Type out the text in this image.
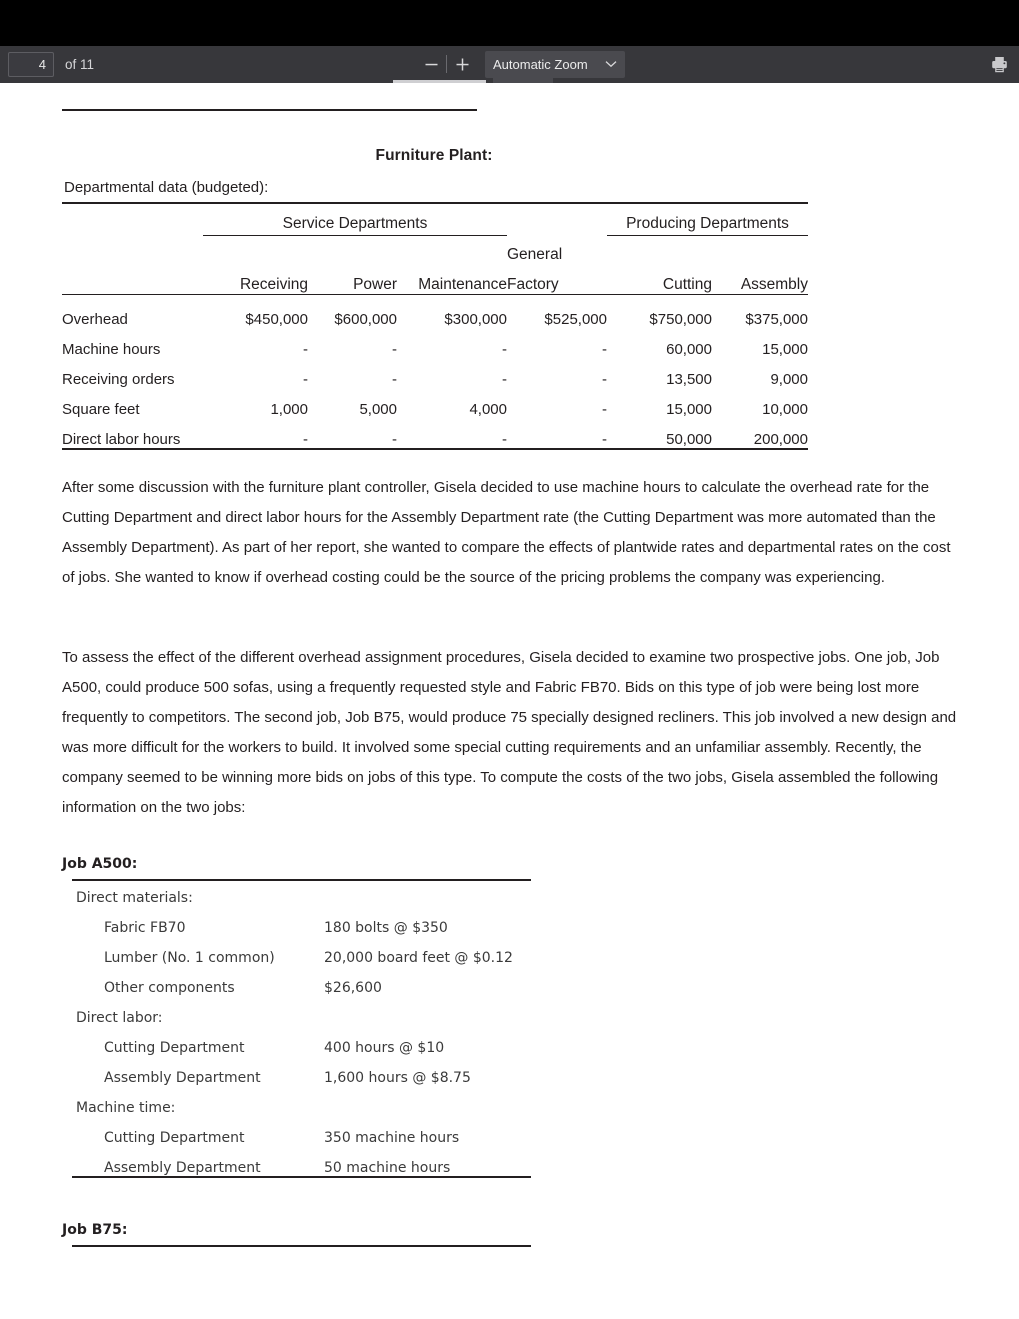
4
of 11	Automatic Zoom
Furniture Plant:
Departmental data (budgeted):

	Service Departments				Producing Departments	

				General		
	Receiving	Power	Maintenance	Factory	Cutting	Assembly

Overhead	$450,000	$600,000	$300,000	$525,000	$750,000	$375,000
Machine hours	-	-	-	-	60,000	15,000
Receiving orders	-	-	-	-	13,500	9,000
Square feet	1,000	5,000	4,000	-	15,000	10,000
Direct labor hours	-	-	-	-	50,000	200,000

After some discussion with the furniture plant controller, Gisela decided to use machine hours to calculate the overhead rate for the Cutting Department and direct labor hours for the Assembly Department rate (the Cutting Department was more automated than the Assembly Department). As part of her report, she wanted to compare the effects of plantwide rates and departmental rates on the cost of jobs. She wanted to know if overhead costing could be the source of the pricing problems the company was experiencing.
To assess the effect of the different overhead assignment procedures, Gisela decided to examine two prospective jobs. One job, Job A500, could produce 500 sofas, using a frequently requested style and Fabric FB70. Bids on this type of job were being lost more frequently to competitors. The second job, Job B75, would produce 75 specially designed recliners. This job involved a new design and was more difficult for the workers to build. It involved some special cutting requirements and an unfamiliar assembly. Recently, the company seemed to be winning more bids on jobs of this type. To compute the costs of the two jobs, Gisela assembled the following information on the two jobs:
Job A500:
Direct materials:
Fabric FB70	180 bolts @ $350
Lumber (No. 1 common)	20,000 board feet @ $0.12
Other components	$26,600
Direct labor:
Cutting Department	400 hours @ $10
Assembly Department	1,600 hours @ $8.75
Machine time:
Cutting Department	350 machine hours
Assembly Department	50 machine hours
Job B75:
